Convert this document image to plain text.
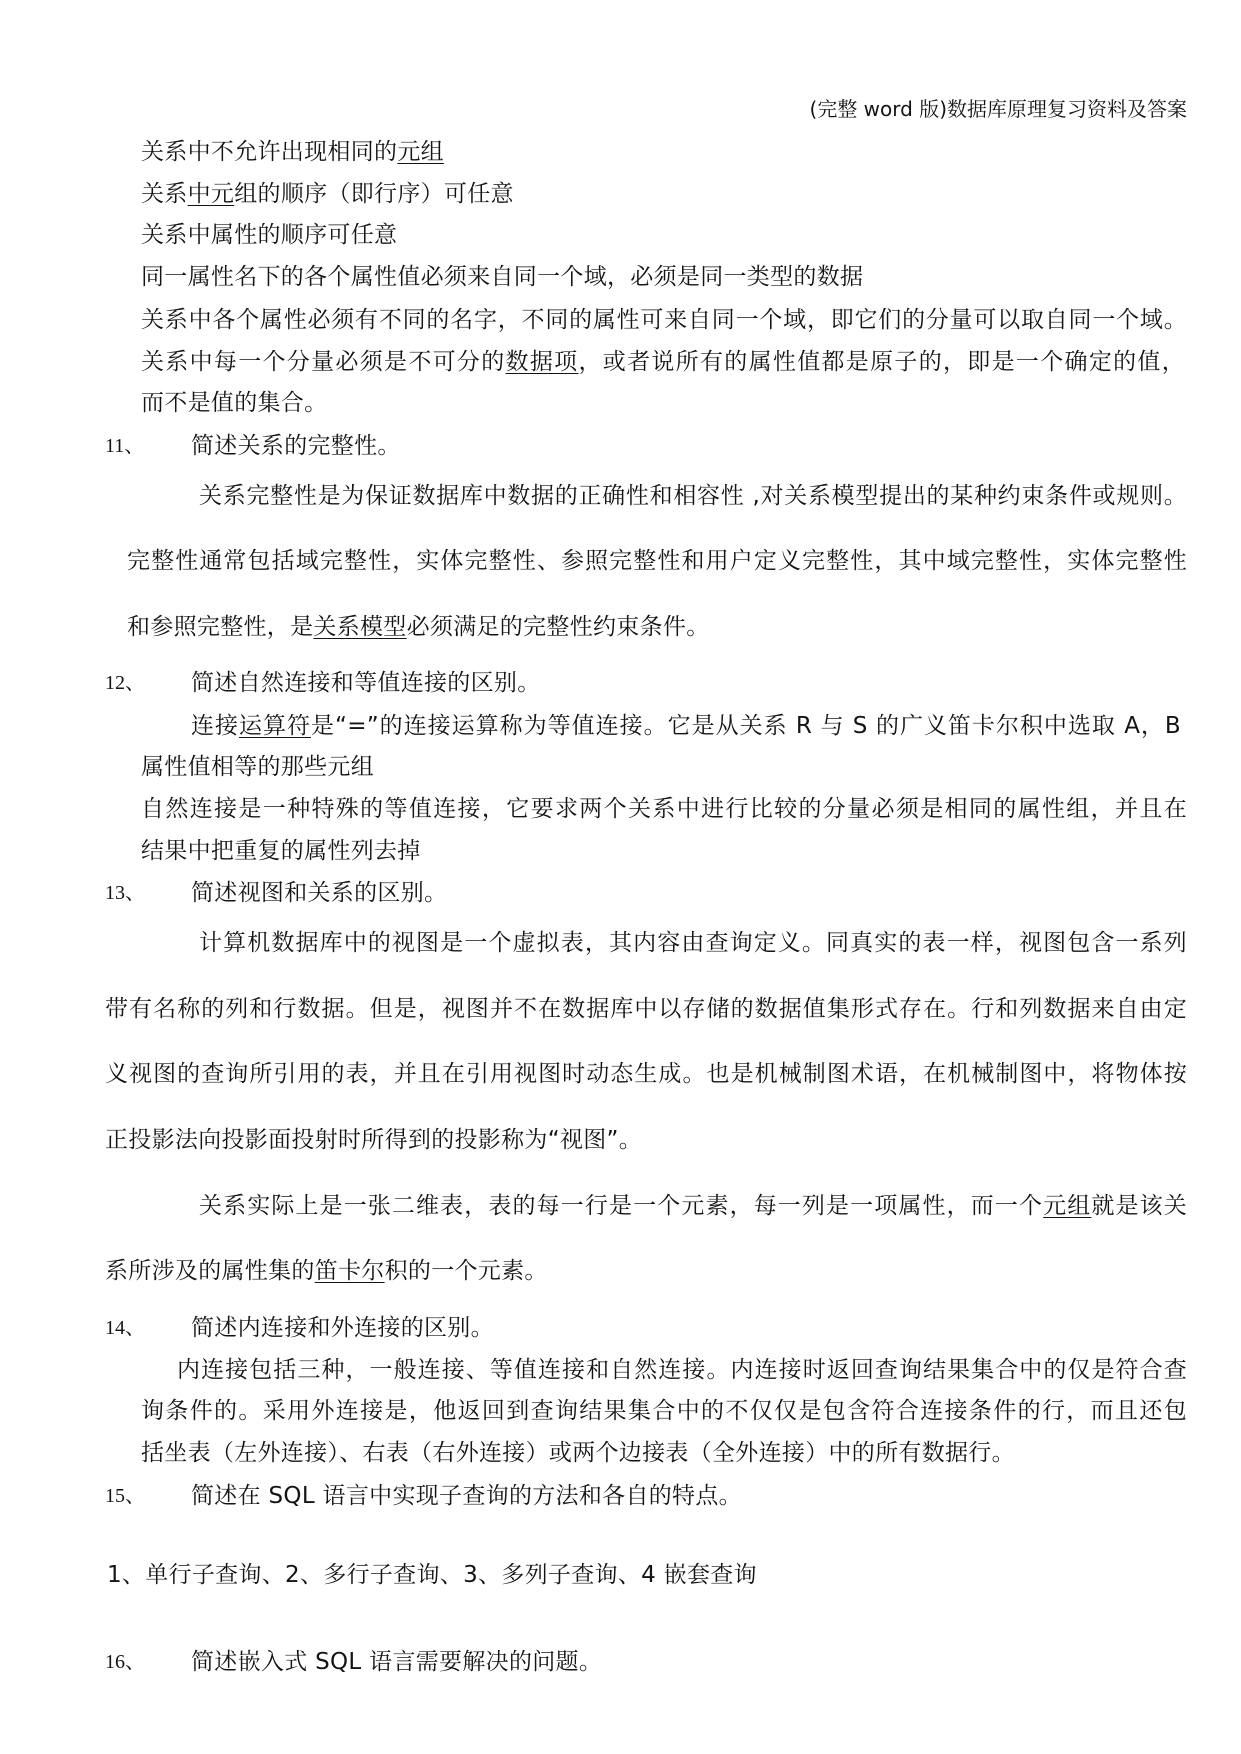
(完整 word 版)数据库原理复习资料及答案
关系中不允许出现相同的元组
关系中元组的顺序（即行序）可任意
关系中属性的顺序可任意
同一属性名下的各个属性值必须来自同一个域，必须是同一类型的数据
关系中各个属性必须有不同的名字，不同的属性可来自同一个域，即它们的分量可以取自同一个域。
关系中每一个分量必须是不可分的数据项，或者说所有的属性值都是原子的，即是一个确定的值，
而不是值的集合。
11、 简述关系的完整性。
关系完整性是为保证数据库中数据的正确性和相容性 ,对关系模型提出的某种约束条件或规则。
完整性通常包括域完整性，实体完整性、参照完整性和用户定义完整性，其中域完整性，实体完整性
和参照完整性，是关系模型必须满足的完整性约束条件。
12、 简述自然连接和等值连接的区别。
连接运算符是“=”的连接运算称为等值连接。它是从关系 R 与 S 的广义笛卡尔积中选取 A，B
属性值相等的那些元组
自然连接是一种特殊的等值连接，它要求两个关系中进行比较的分量必须是相同的属性组，并且在
结果中把重复的属性列去掉
13、 简述视图和关系的区别。
计算机数据库中的视图是一个虚拟表，其内容由查询定义。同真实的表一样，视图包含一系列
带有名称的列和行数据。但是，视图并不在数据库中以存储的数据值集形式存在。行和列数据来自由定
义视图的查询所引用的表，并且在引用视图时动态生成。也是机械制图术语，在机械制图中，将物体按
正投影法向投影面投射时所得到的投影称为“视图”。
关系实际上是一张二维表，表的每一行是一个元素，每一列是一项属性，而一个元组就是该关
系所涉及的属性集的笛卡尔积的一个元素。
14、 简述内连接和外连接的区别。
内连接包括三种，一般连接、等值连接和自然连接。内连接时返回查询结果集合中的仅是符合查
询条件的。采用外连接是，他返回到查询结果集合中的不仅仅是包含符合连接条件的行，而且还包
括坐表（左外连接）、右表（右外连接）或两个边接表（全外连接）中的所有数据行。
15、 简述在 SQL 语言中实现子查询的方法和各自的特点。
1、单行子查询、2、多行子查询、3、多列子查询、4 嵌套查询
16、 简述嵌入式 SQL 语言需要解决的问题。
